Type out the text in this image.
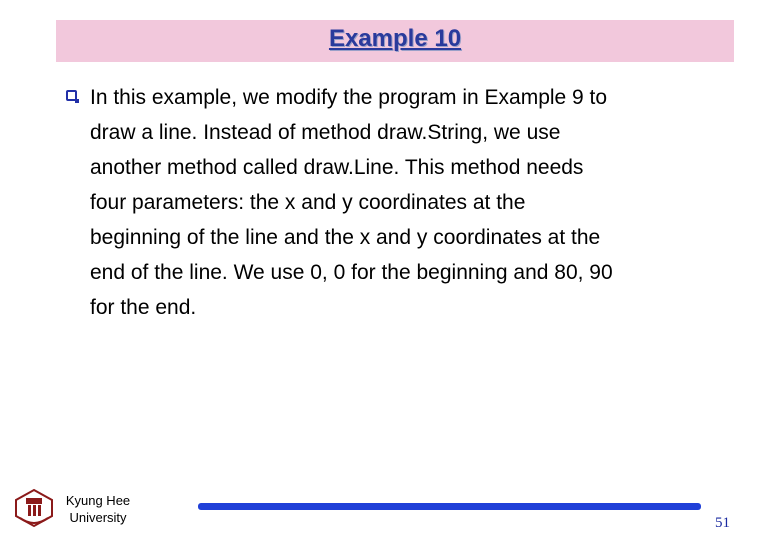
Example 10

In this example, we modify the program in Example 9 to
draw a line. Instead of method draw.String, we use
another method called draw.Line. This method needs
four parameters: the x and y coordinates at the
beginning of the line and the x and y coordinates at the
end of the line. We use 0, 0 for the beginning and 80, 90
for the end.

Kyung Hee
University	51
